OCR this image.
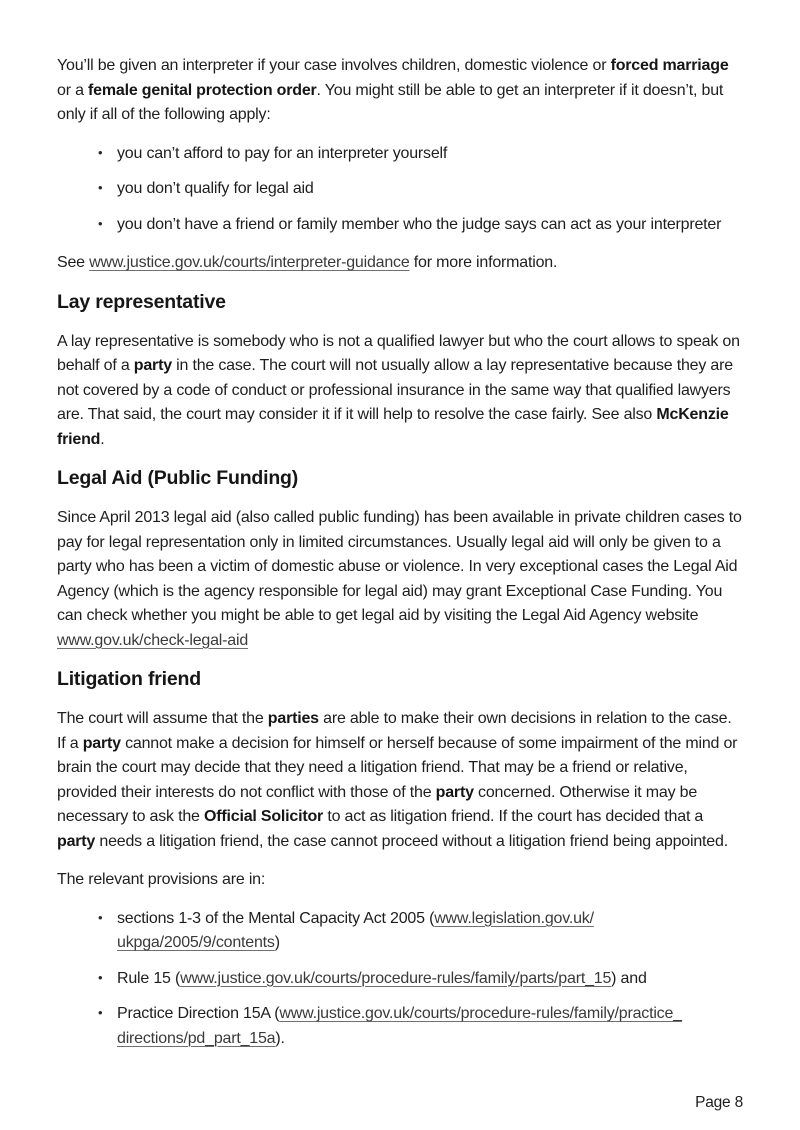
You’ll be given an interpreter if your case involves children, domestic violence or forced marriage or a female genital protection order. You might still be able to get an interpreter if it doesn’t, but only if all of the following apply:

• you can’t afford to pay for an interpreter yourself
• you don’t qualify for legal aid
• you don’t have a friend or family member who the judge says can act as your interpreter

See www.justice.gov.uk/courts/interpreter-guidance for more information.

Lay representative

A lay representative is somebody who is not a qualified lawyer but who the court allows to speak on behalf of a party in the case. The court will not usually allow a lay representative because they are not covered by a code of conduct or professional insurance in the same way that qualified lawyers are. That said, the court may consider it if it will help to resolve the case fairly. See also McKenzie friend.

Legal Aid (Public Funding)

Since April 2013 legal aid (also called public funding) has been available in private children cases to pay for legal representation only in limited circumstances. Usually legal aid will only be given to a party who has been a victim of domestic abuse or violence. In very exceptional cases the Legal Aid Agency (which is the agency responsible for legal aid) may grant Exceptional Case Funding. You can check whether you might be able to get legal aid by visiting the Legal Aid Agency website www.gov.uk/check-legal-aid

Litigation friend

The court will assume that the parties are able to make their own decisions in relation to the case. If a party cannot make a decision for himself or herself because of some impairment of the mind or brain the court may decide that they need a litigation friend. That may be a friend or relative, provided their interests do not conflict with those of the party concerned. Otherwise it may be necessary to ask the Official Solicitor to act as litigation friend. If the court has decided that a party needs a litigation friend, the case cannot proceed without a litigation friend being appointed.

The relevant provisions are in:

• sections 1-3 of the Mental Capacity Act 2005 (www.legislation.gov.uk/ukpga/2005/9/contents)
• Rule 15 (www.justice.gov.uk/courts/procedure-rules/family/parts/part_15) and
• Practice Direction 15A (www.justice.gov.uk/courts/procedure-rules/family/practice_directions/pd_part_15a).
Page 8
